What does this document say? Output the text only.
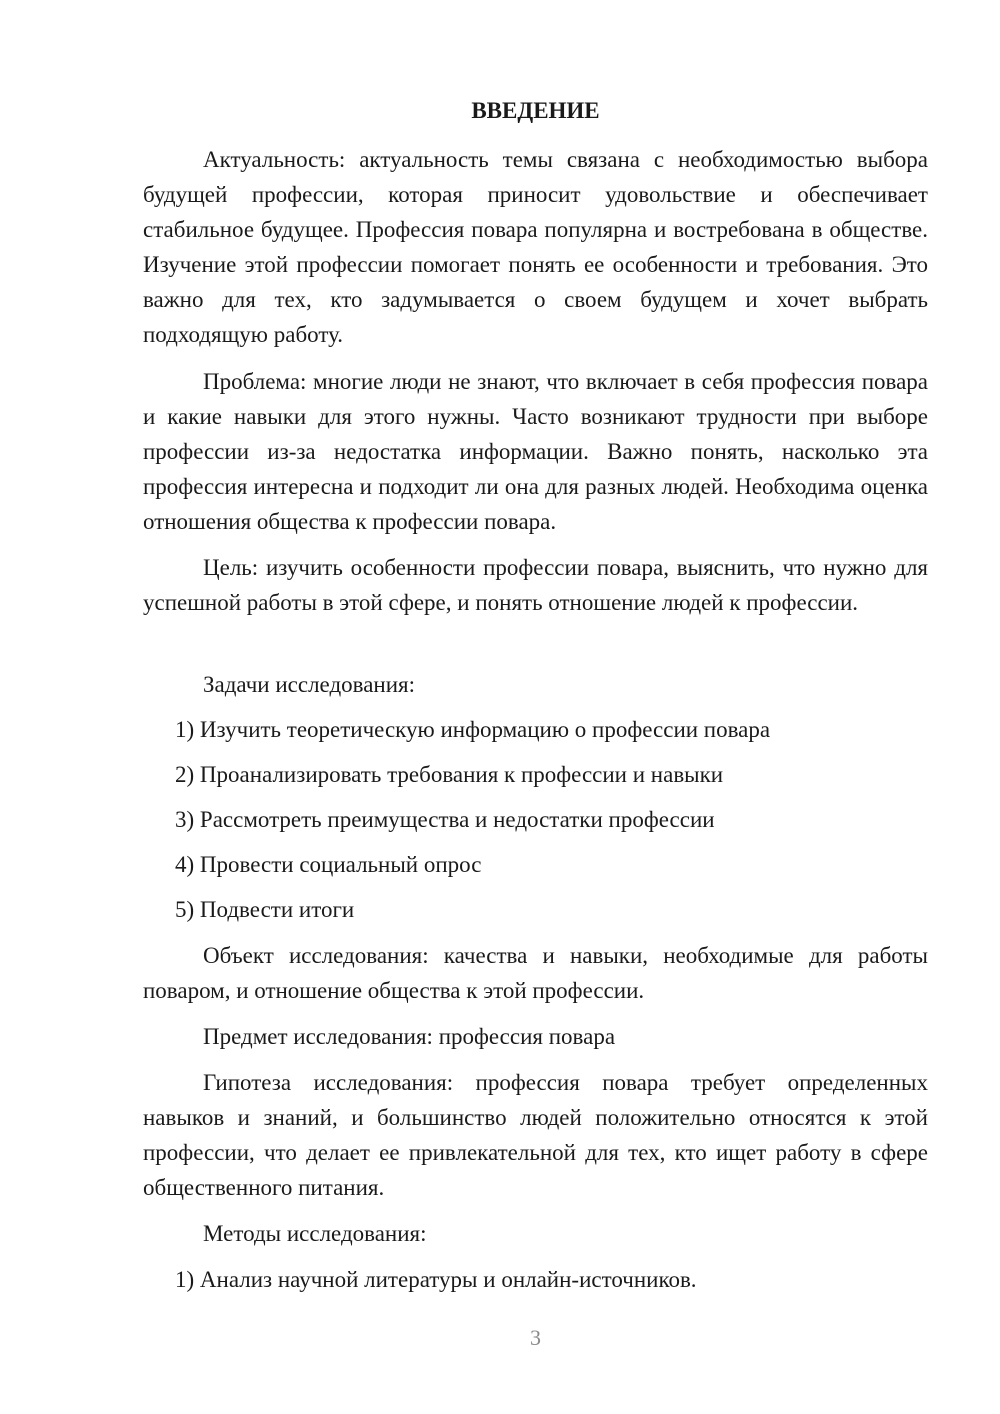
ВВЕДЕНИЕ

Актуальность: актуальность темы связана с необходимостью выбора будущей профессии, которая приносит удовольствие и обеспечивает стабильное будущее. Профессия повара популярна и востребована в обществе. Изучение этой профессии помогает понять ее особенности и требования. Это важно для тех, кто задумывается о своем будущем и хочет выбрать подходящую работу.

Проблема: многие люди не знают, что включает в себя профессия повара и какие навыки для этого нужны. Часто возникают трудности при выборе профессии из-за недостатка информации. Важно понять, насколько эта профессия интересна и подходит ли она для разных людей. Необходима оценка отношения общества к профессии повара.

Цель: изучить особенности профессии повара, выяснить, что нужно для успешной работы в этой сфере, и понять отношение людей к профессии.

Задачи исследования:

1) Изучить теоретическую информацию о профессии повара

2) Проанализировать требования к профессии и навыки

3) Рассмотреть преимущества и недостатки профессии

4) Провести социальный опрос

5) Подвести итоги

Объект исследования: качества и навыки, необходимые для работы поваром, и отношение общества к этой профессии.

Предмет исследования: профессия повара

Гипотеза исследования: профессия повара требует определенных навыков и знаний, и большинство людей положительно относятся к этой профессии, что делает ее привлекательной для тех, кто ищет работу в сфере общественного питания.

Методы исследования:

1) Анализ научной литературы и онлайн-источников.

3
